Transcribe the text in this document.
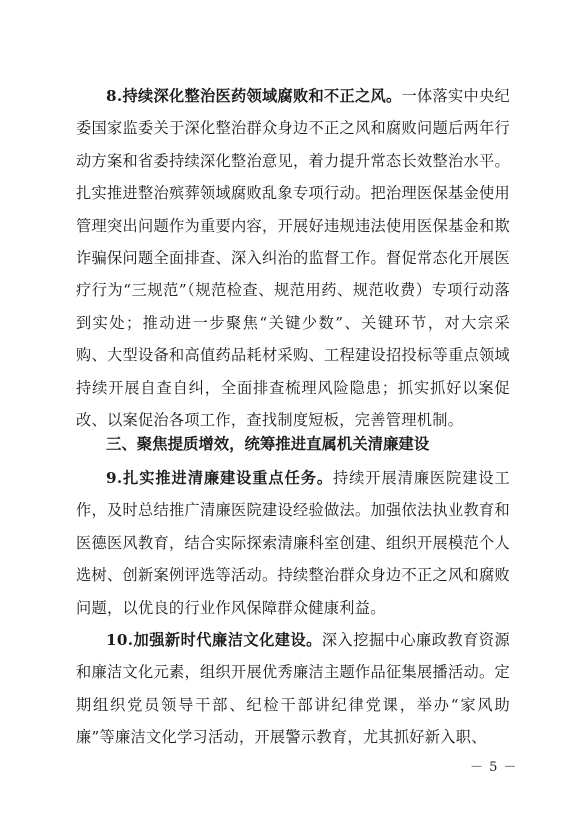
8.持续深化整治医药领域腐败和不正之风。一体落实中央纪委国家监委关于深化整治群众身边不正之风和腐败问题后两年行动方案和省委持续深化整治意见，着力提升常态长效整治水平。扎实推进整治殡葬领域腐败乱象专项行动。把治理医保基金使用管理突出问题作为重要内容，开展好违规违法使用医保基金和欺诈骗保问题全面排查、深入纠治的监督工作。督促常态化开展医疗行为“三规范”（规范检查、规范用药、规范收费）专项行动落到实处；推动进一步聚焦“关键少数”、关键环节，对大宗采购、大型设备和高值药品耗材采购、工程建设招投标等重点领域持续开展自查自纠，全面排查梳理风险隐患；抓实抓好以案促改、以案促治各项工作，查找制度短板，完善管理机制。

三、聚焦提质增效，统筹推进直属机关清廉建设

9.扎实推进清廉建设重点任务。持续开展清廉医院建设工作，及时总结推广清廉医院建设经验做法。加强依法执业教育和医德医风教育，结合实际探索清廉科室创建、组织开展模范个人选树、创新案例评选等活动。持续整治群众身边不正之风和腐败问题，以优良的行业作风保障群众健康利益。

10.加强新时代廉洁文化建设。深入挖掘中心廉政教育资源和廉洁文化元素，组织开展优秀廉洁主题作品征集展播活动。定期组织党员领导干部、纪检干部讲纪律党课，举办“家风助廉”等廉洁文化学习活动，开展警示教育，尤其抓好新入职、

－ 5 －
